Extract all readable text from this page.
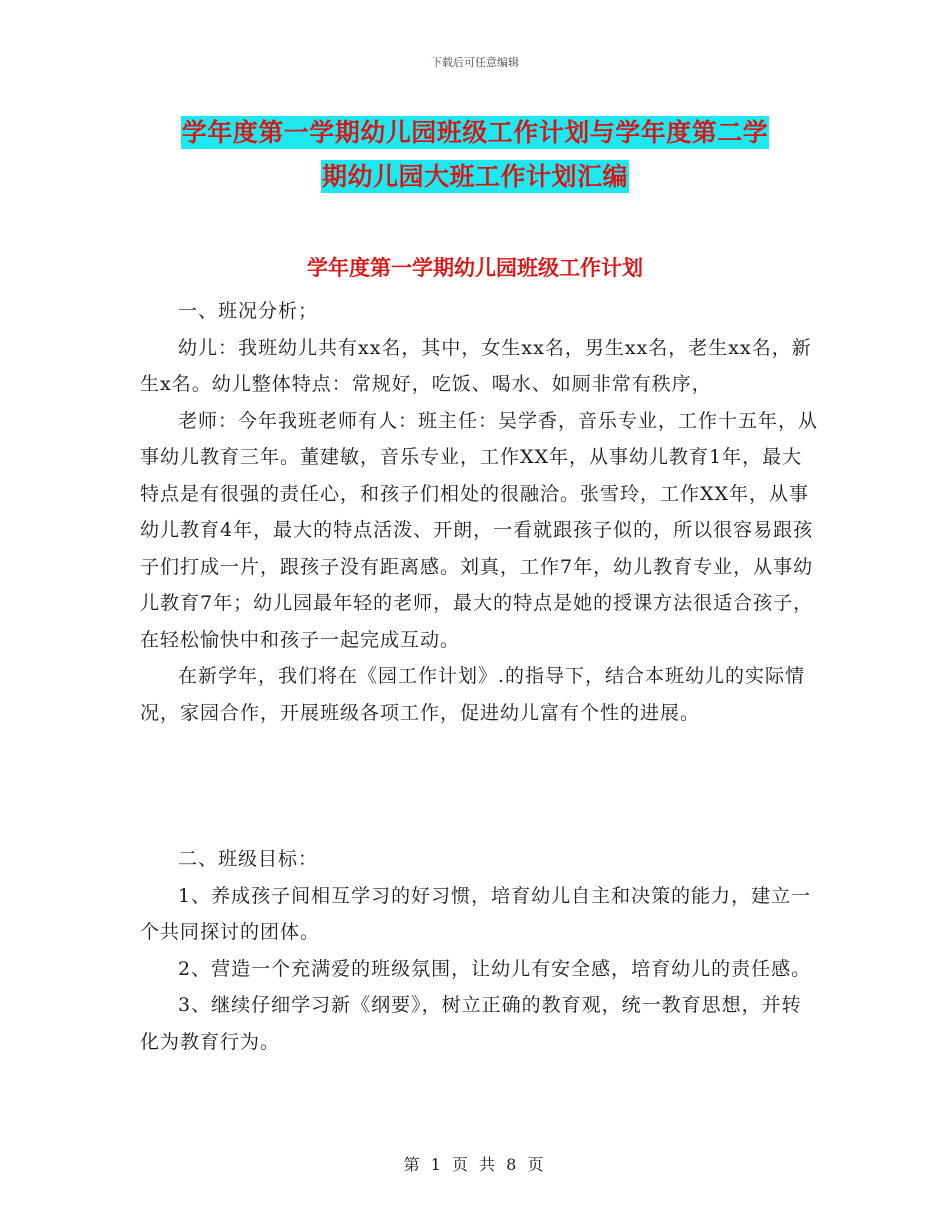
下载后可任意编辑
学年度第一学期幼儿园班级工作计划与学年度第二学
期幼儿园大班工作计划汇编
学年度第一学期幼儿园班级工作计划

一、班况分析；

幼儿：我班幼儿共有xx名，其中，女生xx名，男生xx名，老生xx名，新生x名。幼儿整体特点：常规好，吃饭、喝水、如厕非常有秩序，

老师：今年我班老师有人：班主任：吴学香，音乐专业，工作十五年，从事幼儿教育三年。董建敏，音乐专业，工作XX年，从事幼儿教育1年，最大特点是有很强的责任心，和孩子们相处的很融洽。张雪玲，工作XX年，从事幼儿教育4年，最大的特点活泼、开朗，一看就跟孩子似的，所以很容易跟孩子们打成一片，跟孩子没有距离感。刘真，工作7年，幼儿教育专业，从事幼儿教育7年；幼儿园最年轻的老师，最大的特点是她的授课方法很适合孩子，在轻松愉快中和孩子一起完成互动。

在新学年，我们将在《园工作计划》.的指导下，结合本班幼儿的实际情况，家园合作，开展班级各项工作，促进幼儿富有个性的进展。

二、班级目标：

1、养成孩子间相互学习的好习惯，培育幼儿自主和决策的能力，建立一个共同探讨的团体。

2、营造一个充满爱的班级氛围，让幼儿有安全感，培育幼儿的责任感。

3、继续仔细学习新《纲要》，树立正确的教育观，统一教育思想，并转化为教育行为。

第 1 页 共 8 页
